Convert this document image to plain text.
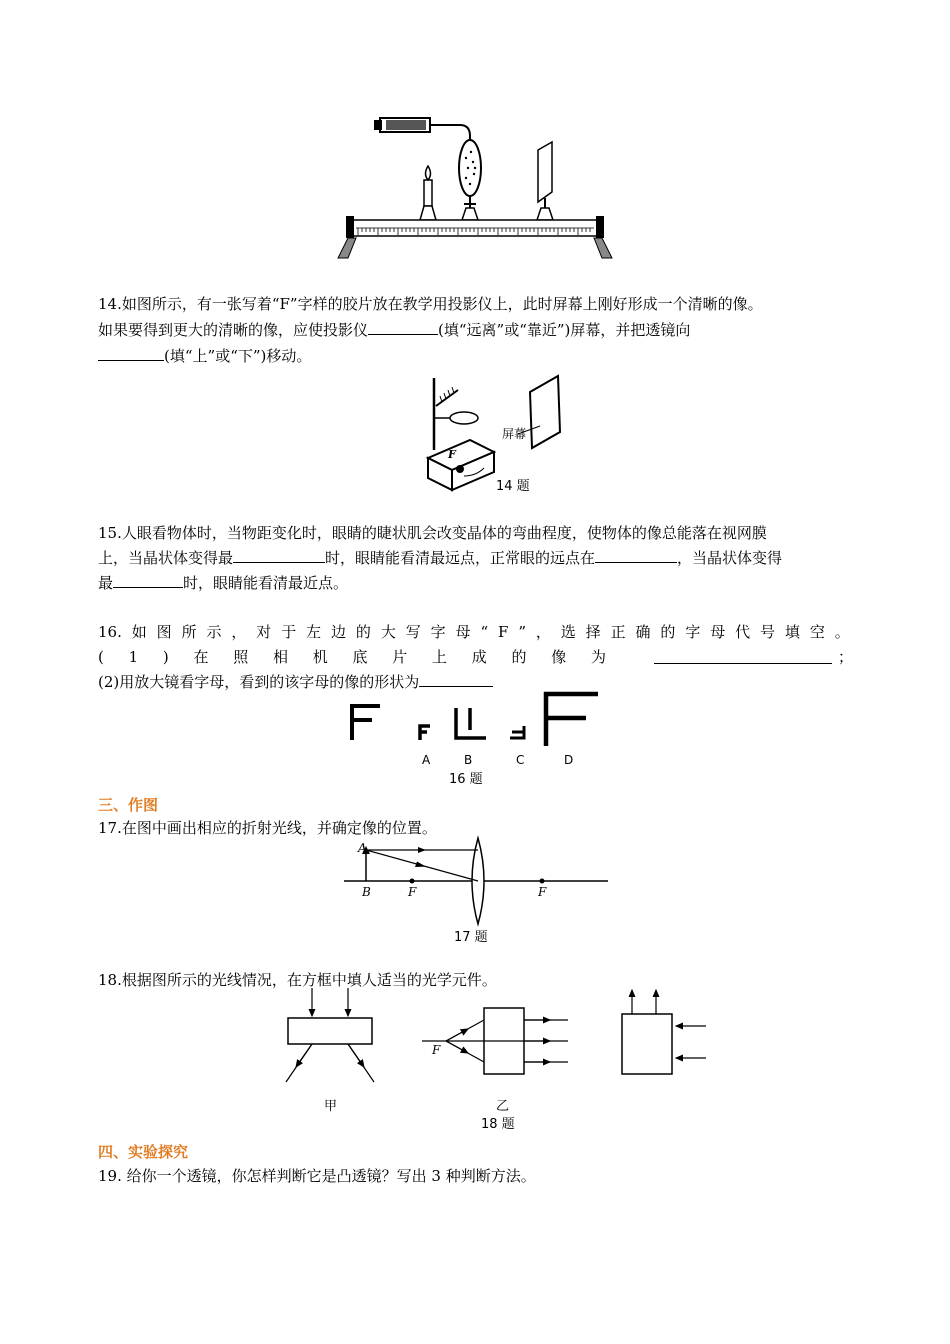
14.如图所示，有一张写着“F”字样的胶片放在教学用投影仪上，此时屏幕上刚好形成一个清晰的像。
如果要得到更大的清晰的像，应使投影仪	(填“远离”或“靠近”)屏幕，并把透镜向
(填“上”或“下”)移动。
F
屏幕
14 题
15.人眼看物体时，当物距变化时，眼睛的睫状肌会改变晶体的弯曲程度，使物体的像总能落在视网膜
上，当晶状体变得最	时，眼睛能看清最远点，正常眼的远点在	，当晶状体变得
最	时，眼睛能看清最近点。
16. 如 图 所 示 ， 对 于 左 边 的 大 写 字 母 “ F ” ， 选 择 正 确 的 字 母 代 号 填 空 。
( 1 ) 在 照 相 机 底 片 上 成 的 像 为	；
(2)用放大镜看字母，看到的该字母的像的形状为
A	B	C	D
16 题
三、作图
17.在图中画出相应的折射光线，并确定像的位置。
A
B	F	F
17 题
18.根据图所示的光线情况，在方框中填人适当的光学元件。
甲
F
乙
18 题
四、实验探究
19. 给你一个透镜，你怎样判断它是凸透镜？写出 3 种判断方法。
